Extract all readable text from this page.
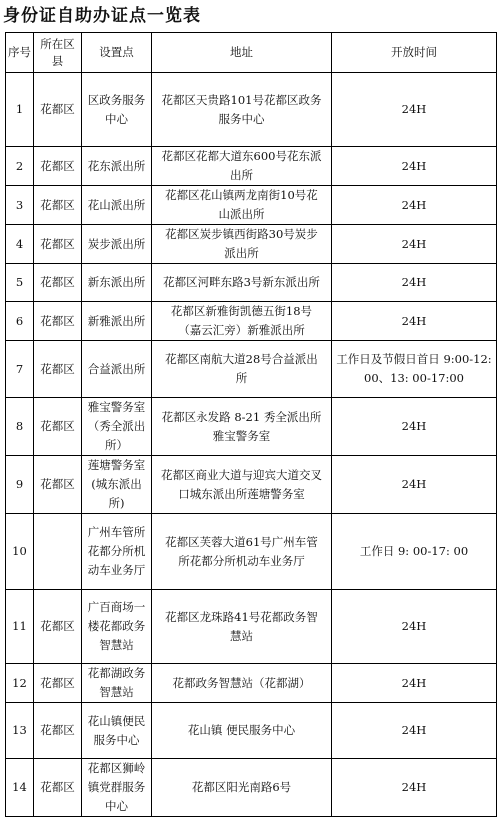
身份证自助办证点一览表
序号	所在区县	设置点	地址	开放时间
1	花都区	区政务服务中心	花都区天贵路101号花都区政务服务中心	24H
2	花都区	花东派出所	花都区花都大道东600号花东派出所	24H
3	花都区	花山派出所	花都区花山镇两龙南街10号花山派出所	24H
4	花都区	炭步派出所	花都区炭步镇西街路30号炭步派出所	24H
5	花都区	新东派出所	花都区河畔东路3号新东派出所	24H
6	花都区	新雅派出所	花都区新雅街凯德五街18号（嘉云汇旁）新雅派出所	24H
7	花都区	合益派出所	花都区南航大道28号合益派出所	工作日及节假日首日 9:00-12: 00、13: 00-17:00
8	花都区	雅宝警务室（秀全派出所）	花都区永发路 8-21 秀全派出所雅宝警务室	24H
9	花都区	莲塘警务室(城东派出所)	花都区商业大道与迎宾大道交叉口城东派出所莲塘警务室	24H
10		广州车管所花都分所机动车业务厅	花都区芙蓉大道61号广州车管所花都分所机动车业务厅	工作日 9: 00-17: 00
11	花都区	广百商场一楼花都政务智慧站	花都区龙珠路41号花都政务智慧站	24H
12	花都区	花都湖政务智慧站	花都政务智慧站（花都湖）	24H
13	花都区	花山镇便民服务中心	花山镇 便民服务中心	24H
14	花都区	花都区狮岭镇党群服务中心	花都区阳光南路6号	24H
